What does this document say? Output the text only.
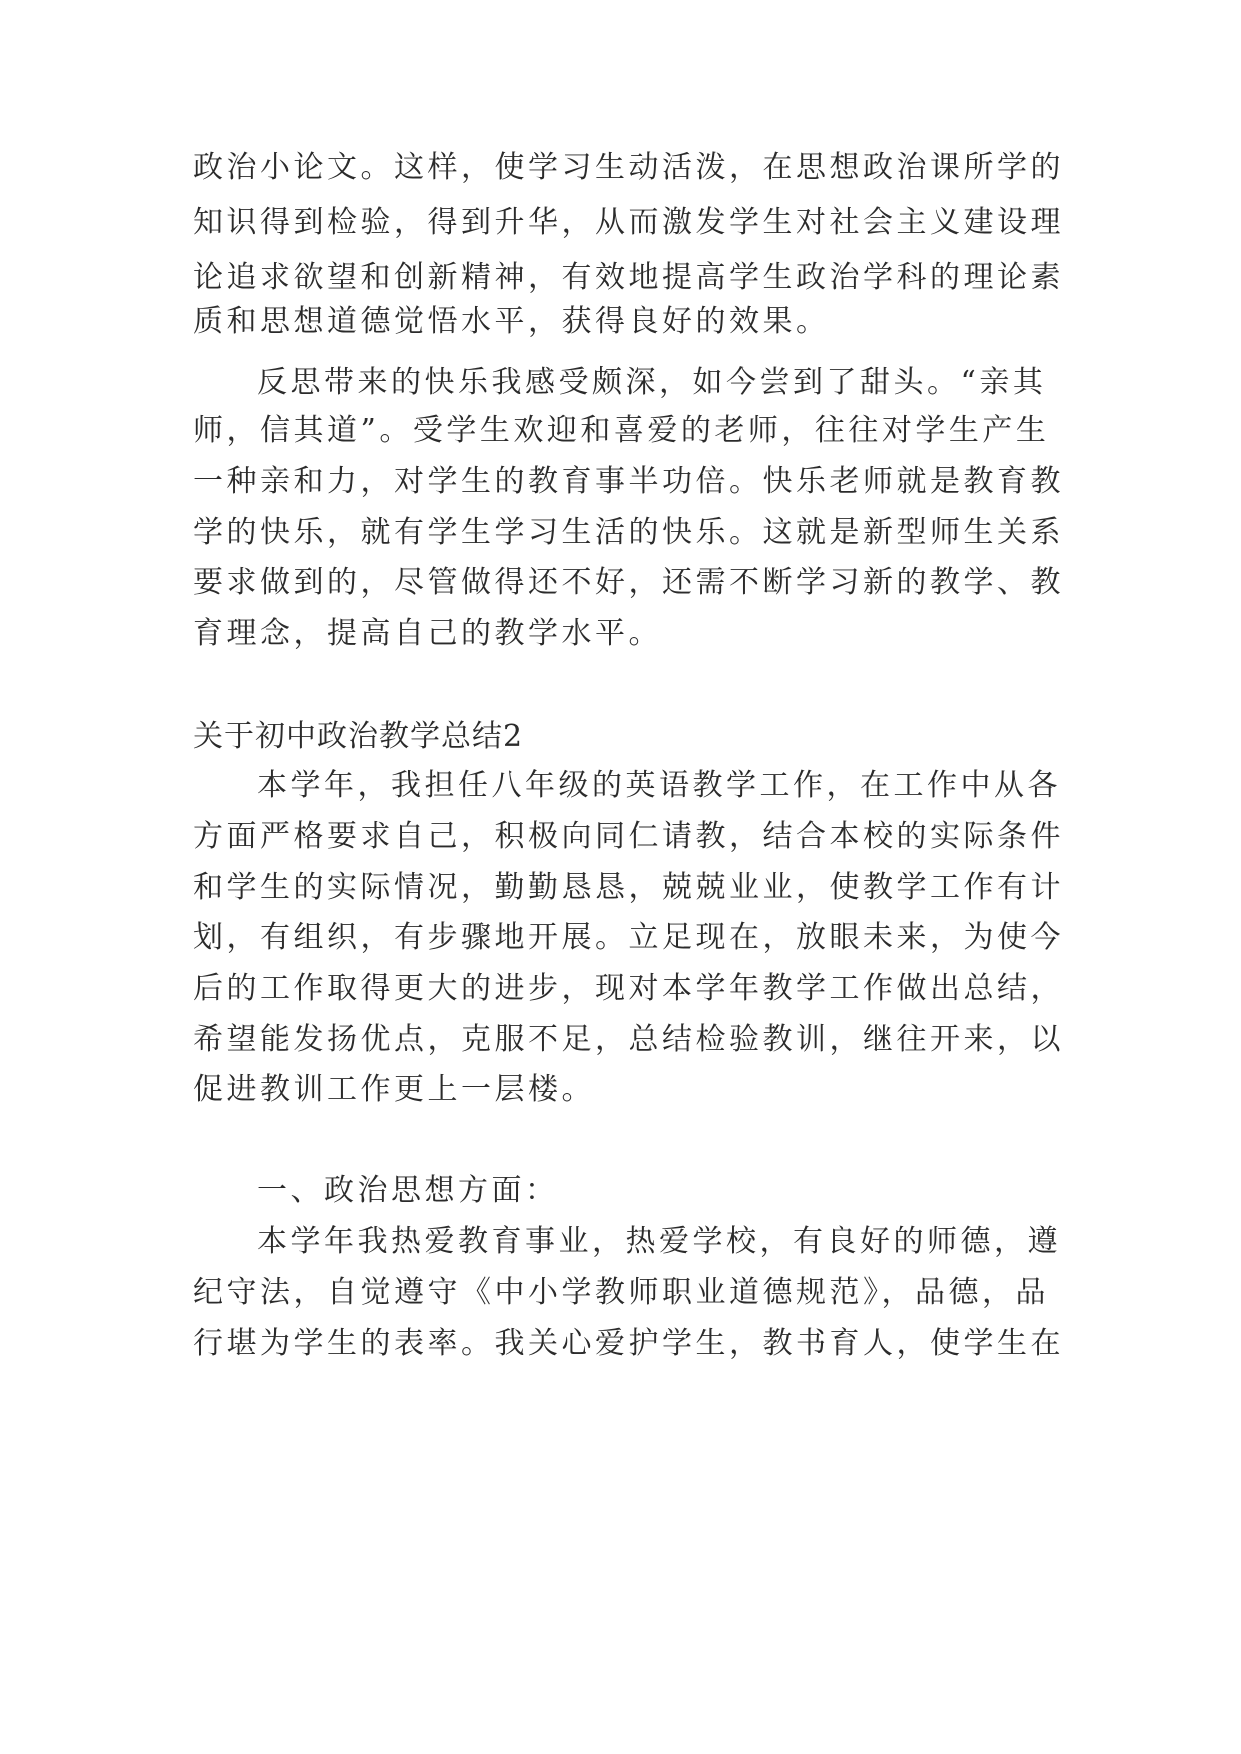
政治小论文。这样，使学习生动活泼，在思想政治课所学的
知识得到检验，得到升华，从而激发学生对社会主义建设理
论追求欲望和创新精神，有效地提高学生政治学科的理论素
质和思想道德觉悟水平，获得良好的效果。
反思带来的快乐我感受颇深，如今尝到了甜头。“亲其
师，信其道”。受学生欢迎和喜爱的老师，往往对学生产生
一种亲和力，对学生的教育事半功倍。快乐老师就是教育教
学的快乐，就有学生学习生活的快乐。这就是新型师生关系
要求做到的，尽管做得还不好，还需不断学习新的教学、教
育理念，提高自己的教学水平。
关于初中政治教学总结2
本学年，我担任八年级的英语教学工作，在工作中从各
方面严格要求自己，积极向同仁请教，结合本校的实际条件
和学生的实际情况，勤勤恳恳，兢兢业业，使教学工作有计
划，有组织，有步骤地开展。立足现在，放眼未来，为使今
后的工作取得更大的进步，现对本学年教学工作做出总结，
希望能发扬优点，克服不足，总结检验教训，继往开来，以
促进教训工作更上一层楼。
一、政治思想方面：
本学年我热爱教育事业，热爱学校，有良好的师德，遵
纪守法，自觉遵守《中小学教师职业道德规范》，品德，品
行堪为学生的表率。我关心爱护学生，教书育人，使学生在
